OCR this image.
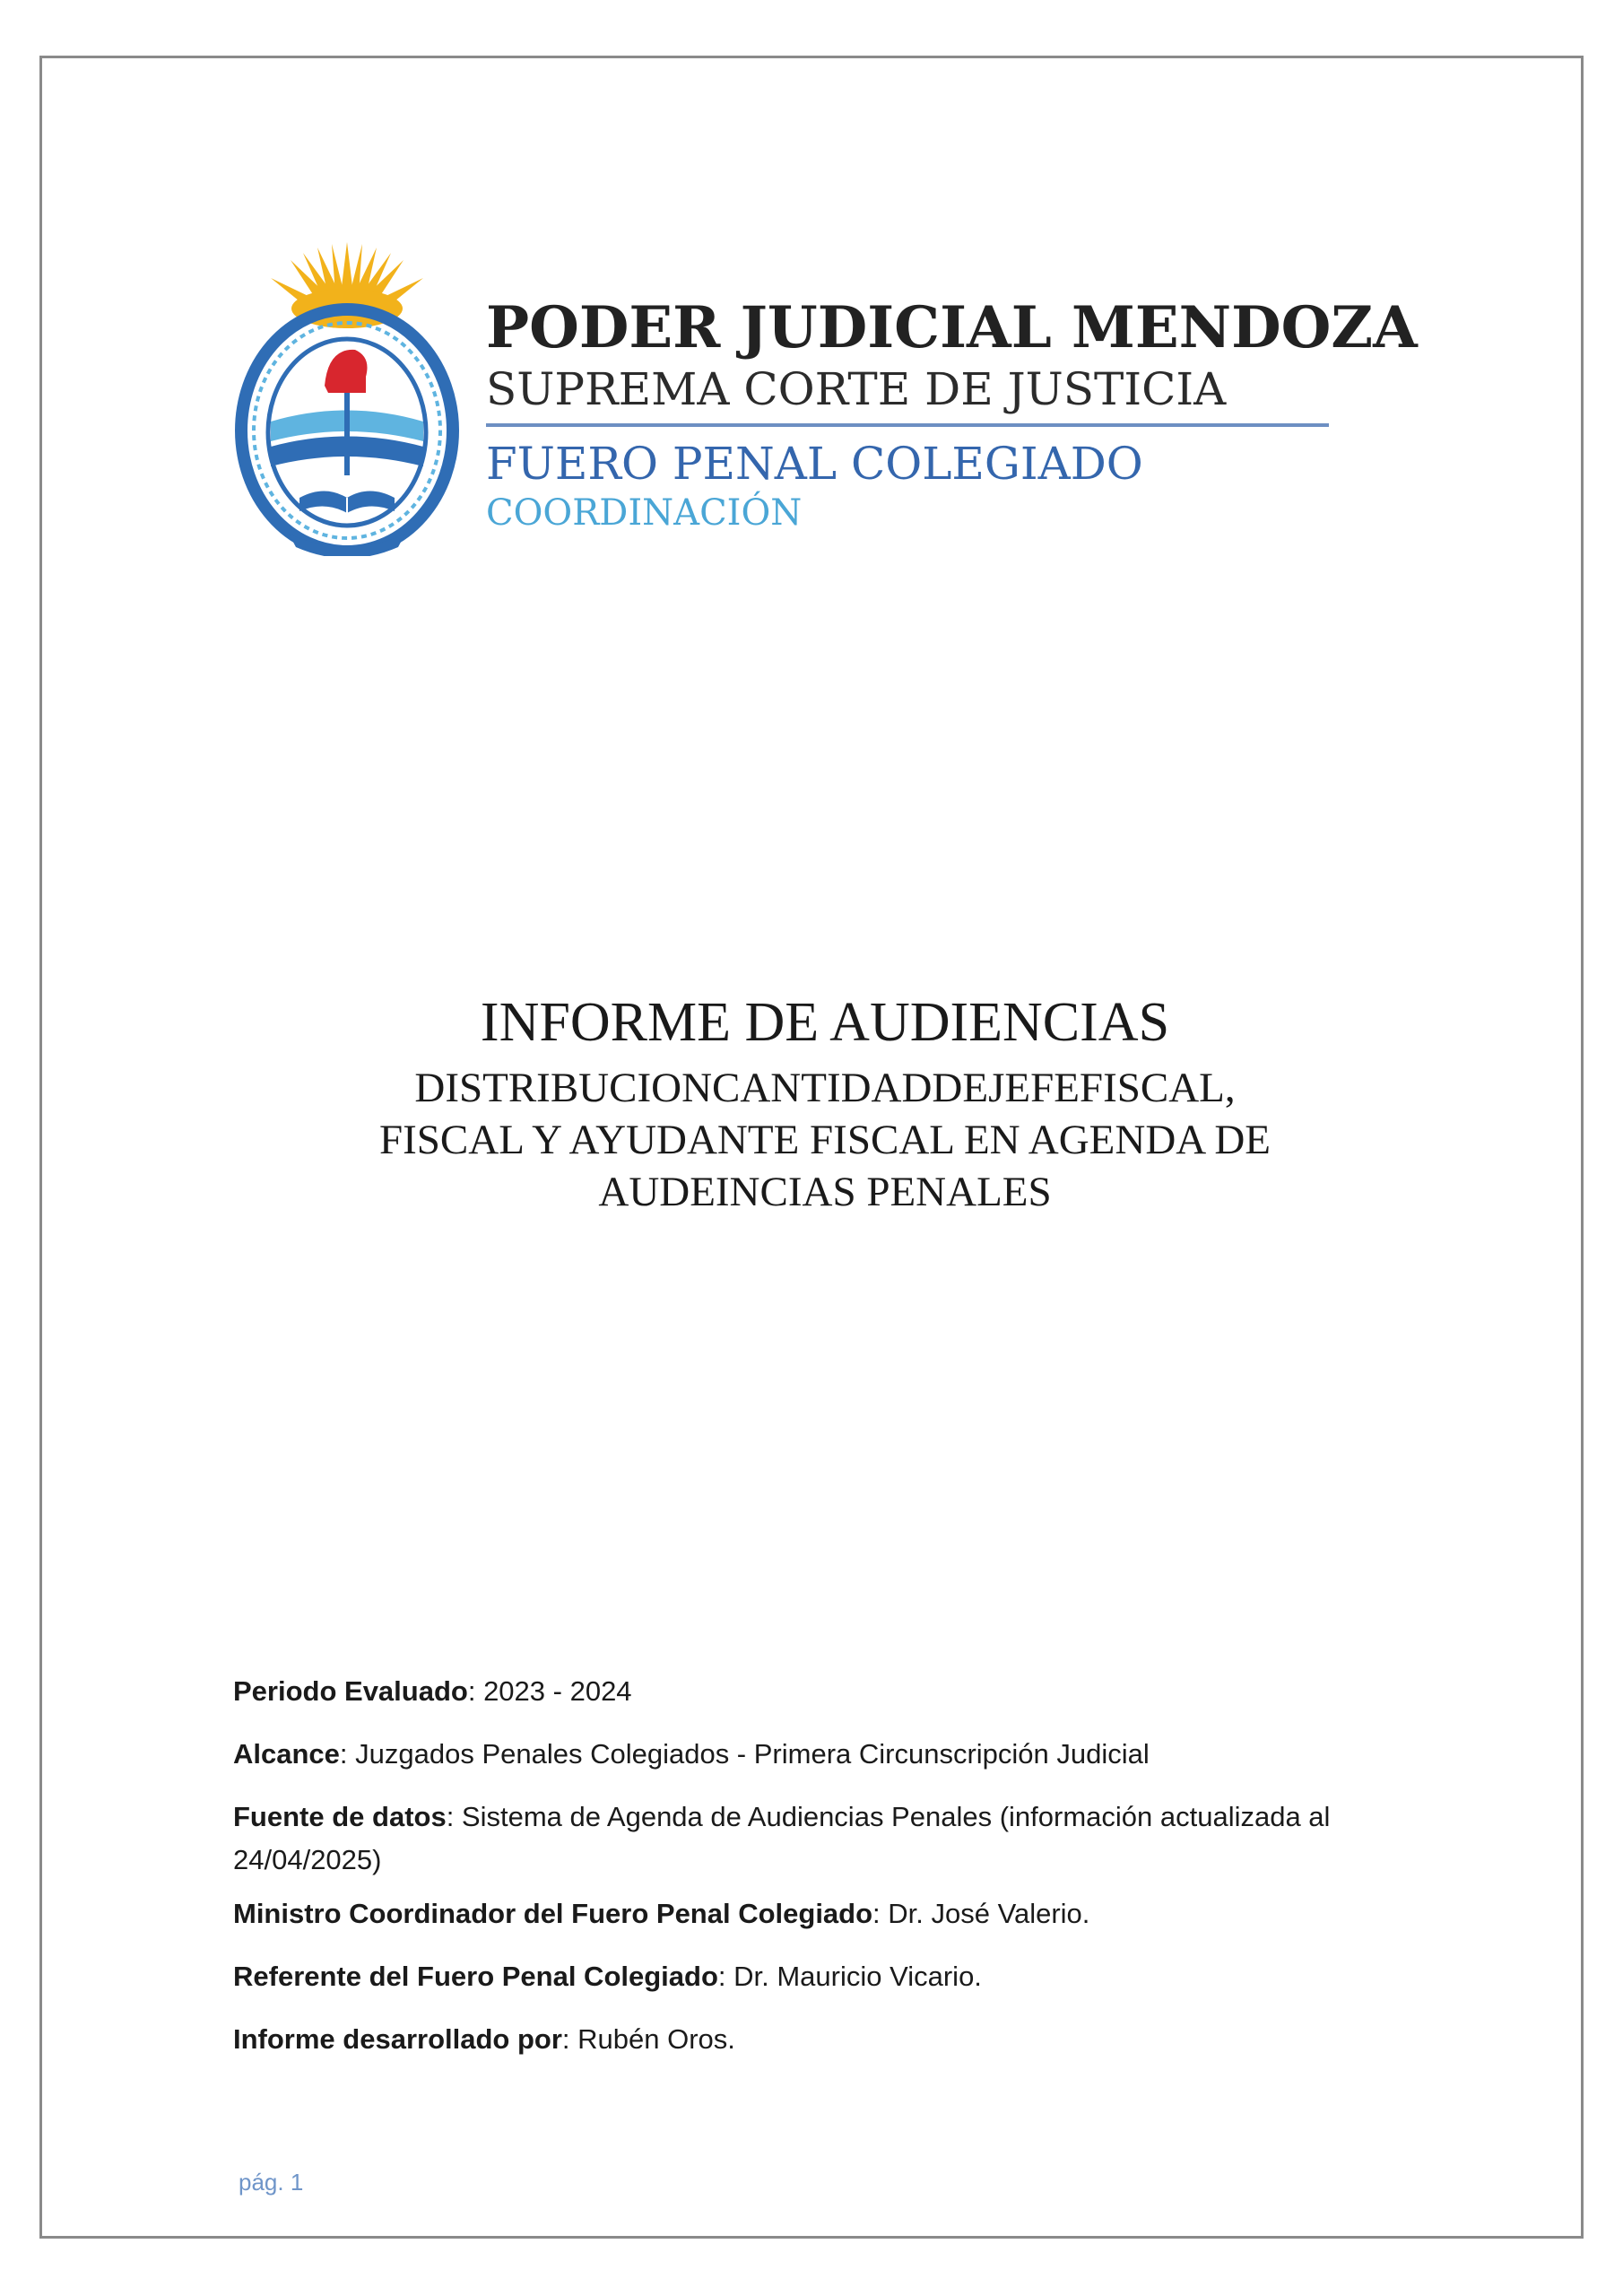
PODER JUDICIAL MENDOZA
SUPREMA CORTE DE JUSTICIA
FUERO PENAL COLEGIADO
COORDINACIÓN
INFORME DE AUDIENCIAS
DISTRIBUCIONCANTIDADDEJEFEFISCAL,
FISCAL Y AYUDANTE FISCAL EN AGENDA DE
AUDEINCIAS PENALES

Periodo Evaluado: 2023 - 2024

Alcance: Juzgados Penales Colegiados - Primera Circunscripción Judicial

Fuente de datos: Sistema de Agenda de Audiencias Penales (información actualizada al 24/04/2025)

Ministro Coordinador del Fuero Penal Colegiado: Dr. José Valerio.

Referente del Fuero Penal Colegiado: Dr. Mauricio Vicario.

Informe desarrollado por: Rubén Oros.

pág. 1
